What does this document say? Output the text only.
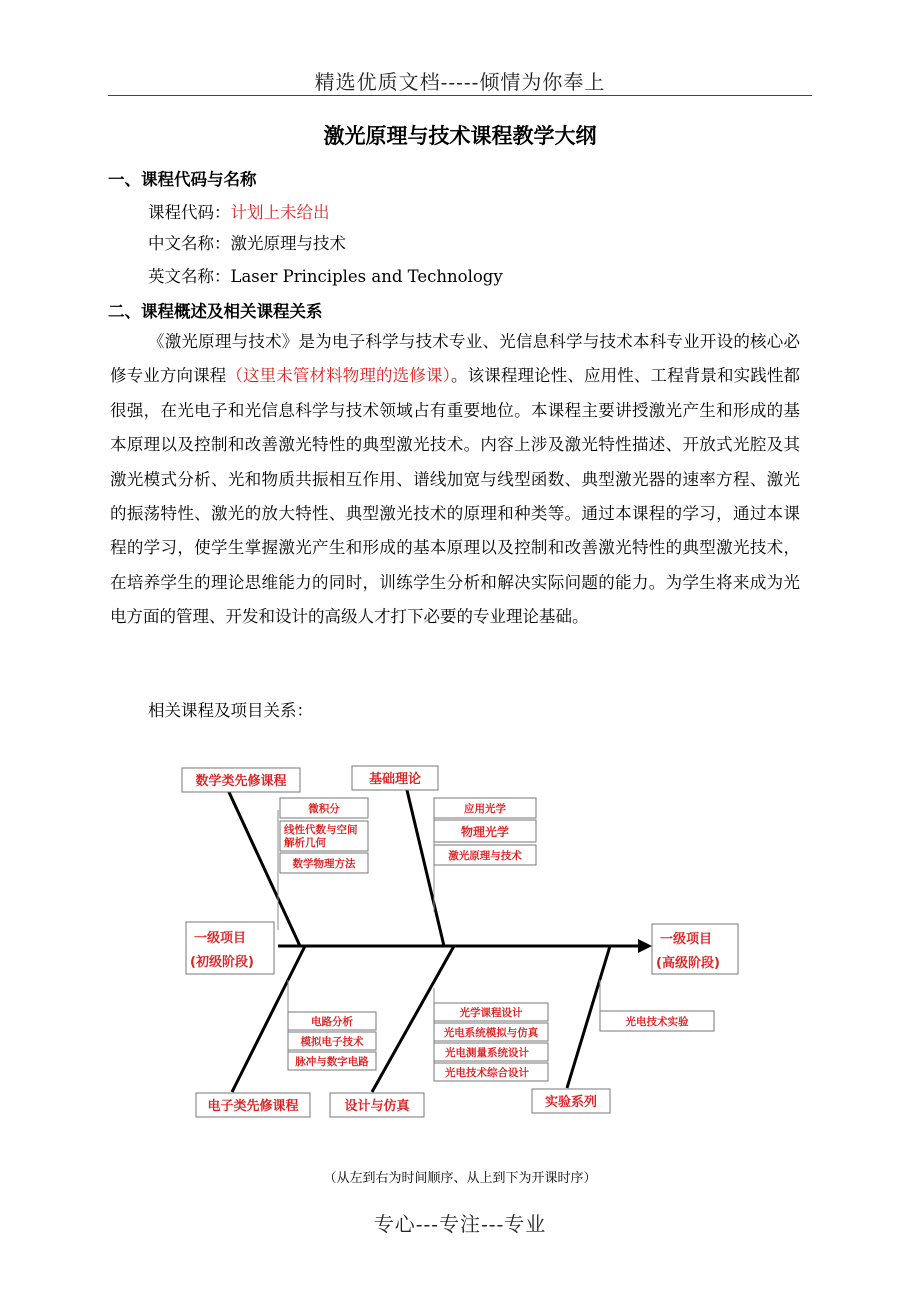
精选优质文档-----倾情为你奉上
激光原理与技术课程教学大纲
一、课程代码与名称
课程代码：计划上未给出
中文名称：激光原理与技术
英文名称：Laser Principles and Technology
二、课程概述及相关课程关系
《激光原理与技术》是为电子科学与技术专业、光信息科学与技术本科专业开设的核心必修专业方向课程（这里未管材料物理的选修课）。该课程理论性、应用性、工程背景和实践性都很强，在光电子和光信息科学与技术领域占有重要地位。本课程主要讲授激光产生和形成的基本原理以及控制和改善激光特性的典型激光技术。内容上涉及激光特性描述、开放式光腔及其激光模式分析、光和物质共振相互作用、谱线加宽与线型函数、典型激光器的速率方程、激光的振荡特性、激光的放大特性、典型激光技术的原理和种类等。通过本课程的学习，通过本课程的学习，使学生掌握激光产生和形成的基本原理以及控制和改善激光特性的典型激光技术，在培养学生的理论思维能力的同时，训练学生分析和解决实际问题的能力。为学生将来成为光电方面的管理、开发和设计的高级人才打下必要的专业理论基础。
相关课程及项目关系：
数学类先修课程	基础理论
微积分
线性代数与空间
解析几何
数学物理方法
应用光学
物理光学
激光原理与技术
一级项目
(初级阶段)
一级项目
(高级阶段)
电路分析
模拟电子技术
脉冲与数字电路
光学课程设计
光电系统模拟与仿真
光电测量系统设计
光电技术综合设计
光电技术实验
电子类先修课程	设计与仿真	实验系列
（从左到右为时间顺序、从上到下为开课时序）
专心---专注---专业
